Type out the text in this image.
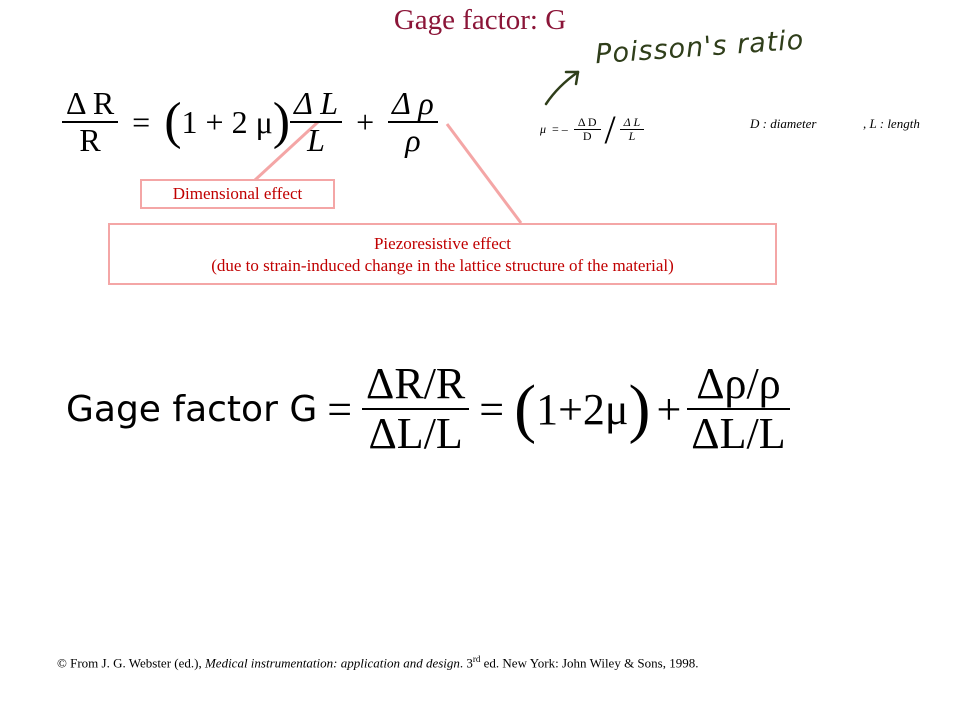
Gage factor: G
Poisson's ratio
$\frac{\text{Δ R}}{R}$ = ( 1 + 2 μ ) $\frac{\text{Δ L}}{L} + \frac{\text{Δ ρ}}{\rho}$	μ = – $\frac{\text{Δ D}}{D} / \frac{\text{Δ L}}{L}$	D : diameter	, L : length
Dimensional effect
Piezoresistive effect
(due to strain-induced change in the lattice structure of the material)
Gage factor $G = \frac{\Delta R/R}{\Delta L/L}$ = ( 1+2μ ) + $\frac{\Delta\rho/\rho}{\Delta L/L}$
© From J. G. Webster (ed.), Medical instrumentation: application and design. 3rd ed. New York: John Wiley & Sons, 1998.
